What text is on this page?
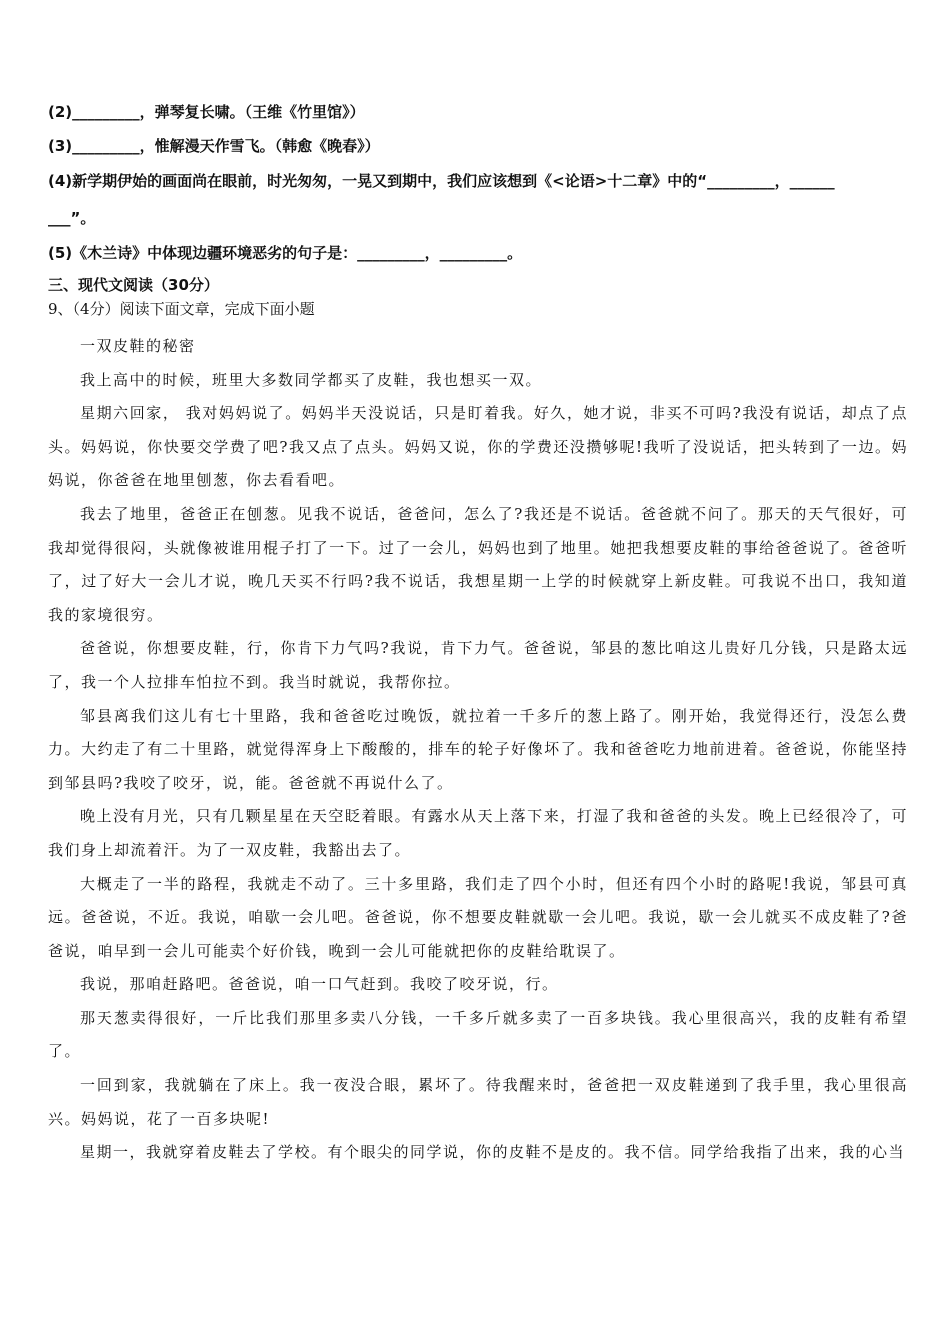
(2)_________，弹琴复长啸。（王维《竹里馆》）
(3)_________，惟解漫天作雪飞。（韩愈《晚春》）
(4)新学期伊始的画面尚在眼前，时光匆匆，一晃又到期中，我们应该想到《<论语>十二章》中的“_________，______
___”。
(5)《木兰诗》中体现边疆环境恶劣的句子是：_________，_________。
三、现代文阅读（30分）
9、（4分）阅读下面文章，完成下面小题

一双皮鞋的秘密

我上高中的时候，班里大多数同学都买了皮鞋，我也想买一双。

星期六回家， 我对妈妈说了。妈妈半天没说话，只是盯着我。好久，她才说，非买不可吗?我没有说话，却点了点头。妈妈说，你快要交学费了吧?我又点了点头。妈妈又说，你的学费还没攒够呢!我听了没说话，把头转到了一边。妈妈说，你爸爸在地里刨葱，你去看看吧。

我去了地里，爸爸正在刨葱。见我不说话，爸爸问，怎么了?我还是不说话。爸爸就不问了。那天的天气很好，可我却觉得很闷，头就像被谁用棍子打了一下。过了一会儿，妈妈也到了地里。她把我想要皮鞋的事给爸爸说了。爸爸听了，过了好大一会儿才说，晚几天买不行吗?我不说话，我想星期一上学的时候就穿上新皮鞋。可我说不出口，我知道我的家境很穷。

爸爸说，你想要皮鞋，行，你肯下力气吗?我说，肯下力气。爸爸说，邹县的葱比咱这儿贵好几分钱，只是路太远了，我一个人拉排车怕拉不到。我当时就说，我帮你拉。

邹县离我们这儿有七十里路，我和爸爸吃过晚饭，就拉着一千多斤的葱上路了。刚开始，我觉得还行，没怎么费力。大约走了有二十里路，就觉得浑身上下酸酸的，排车的轮子好像坏了。我和爸爸吃力地前进着。爸爸说，你能坚持到邹县吗?我咬了咬牙，说，能。爸爸就不再说什么了。

晚上没有月光，只有几颗星星在天空眨着眼。有露水从天上落下来，打湿了我和爸爸的头发。晚上已经很冷了，可我们身上却流着汗。为了一双皮鞋，我豁出去了。

大概走了一半的路程，我就走不动了。三十多里路，我们走了四个小时，但还有四个小时的路呢!我说，邹县可真远。爸爸说，不近。我说，咱歇一会儿吧。爸爸说，你不想要皮鞋就歇一会儿吧。我说，歇一会儿就买不成皮鞋了?爸爸说，咱早到一会儿可能卖个好价钱，晚到一会儿可能就把你的皮鞋给耽误了。

我说，那咱赶路吧。爸爸说，咱一口气赶到。我咬了咬牙说，行。

那天葱卖得很好，一斤比我们那里多卖八分钱，一千多斤就多卖了一百多块钱。我心里很高兴，我的皮鞋有希望了。

一回到家，我就躺在了床上。我一夜没合眼，累坏了。待我醒来时，爸爸把一双皮鞋递到了我手里，我心里很高兴。妈妈说，花了一百多块呢!

星期一，我就穿着皮鞋去了学校。有个眼尖的同学说，你的皮鞋不是皮的。我不信。同学给我指了出来，我的心当
